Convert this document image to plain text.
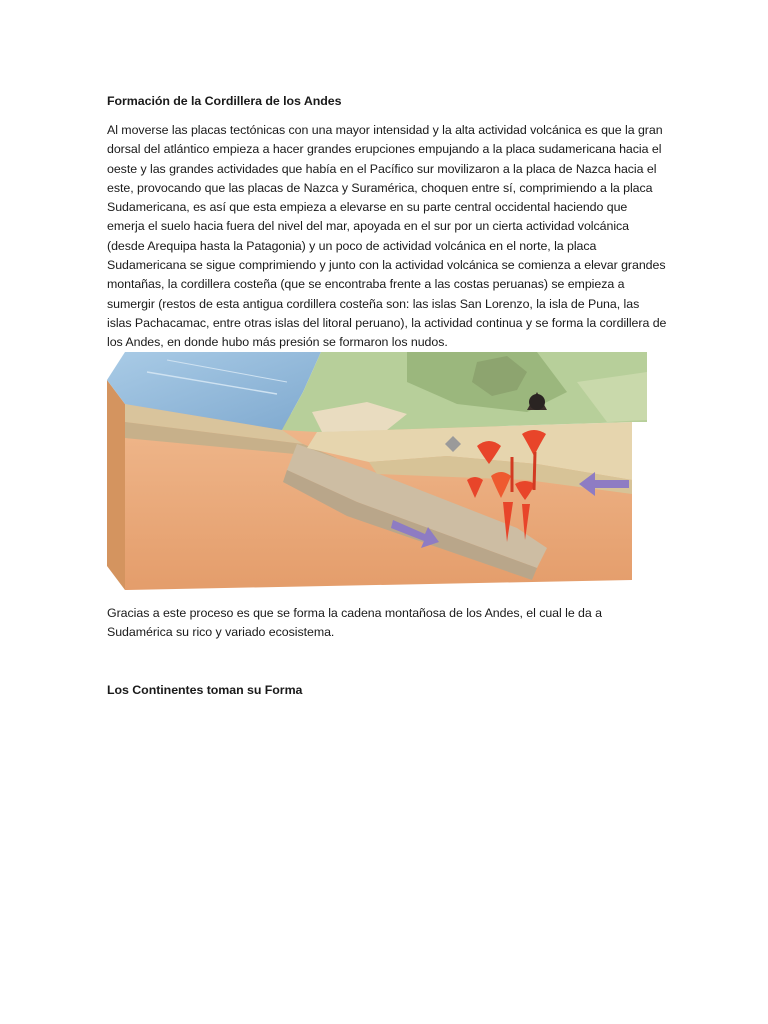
Formación de la Cordillera de los Andes
Al moverse las placas tectónicas con una mayor intensidad y la alta actividad volcánica es que la gran dorsal del atlántico empieza a hacer grandes erupciones empujando a la placa sudamericana hacia el oeste y las grandes actividades que había en el Pacífico sur movilizaron a la placa de Nazca hacia el este, provocando que las placas de Nazca y Suramérica, choquen entre sí, comprimiendo a la placa Sudamericana, es así que esta empieza a elevarse en su parte central occidental haciendo que emerja el suelo hacia fuera del nivel del mar, apoyada en el sur por un cierta actividad volcánica (desde Arequipa hasta la Patagonia) y un poco de actividad volcánica en el norte, la placa Sudamericana se sigue comprimiendo y junto con la actividad volcánica se comienza a elevar grandes montañas, la cordillera costeña (que se encontraba frente a las costas peruanas) se empieza a sumergir (restos de esta antigua cordillera costeña son: las islas San Lorenzo, la isla de Puna, las islas Pachacamac, entre otras islas del litoral peruano), la actividad continua y se forma la cordillera de los Andes, en donde hubo más presión se formaron los nudos.
Gracias a este proceso es que se forma la cadena montañosa de los Andes, el cual le da a Sudamérica su rico y variado ecosistema.
Los Continentes toman su Forma
